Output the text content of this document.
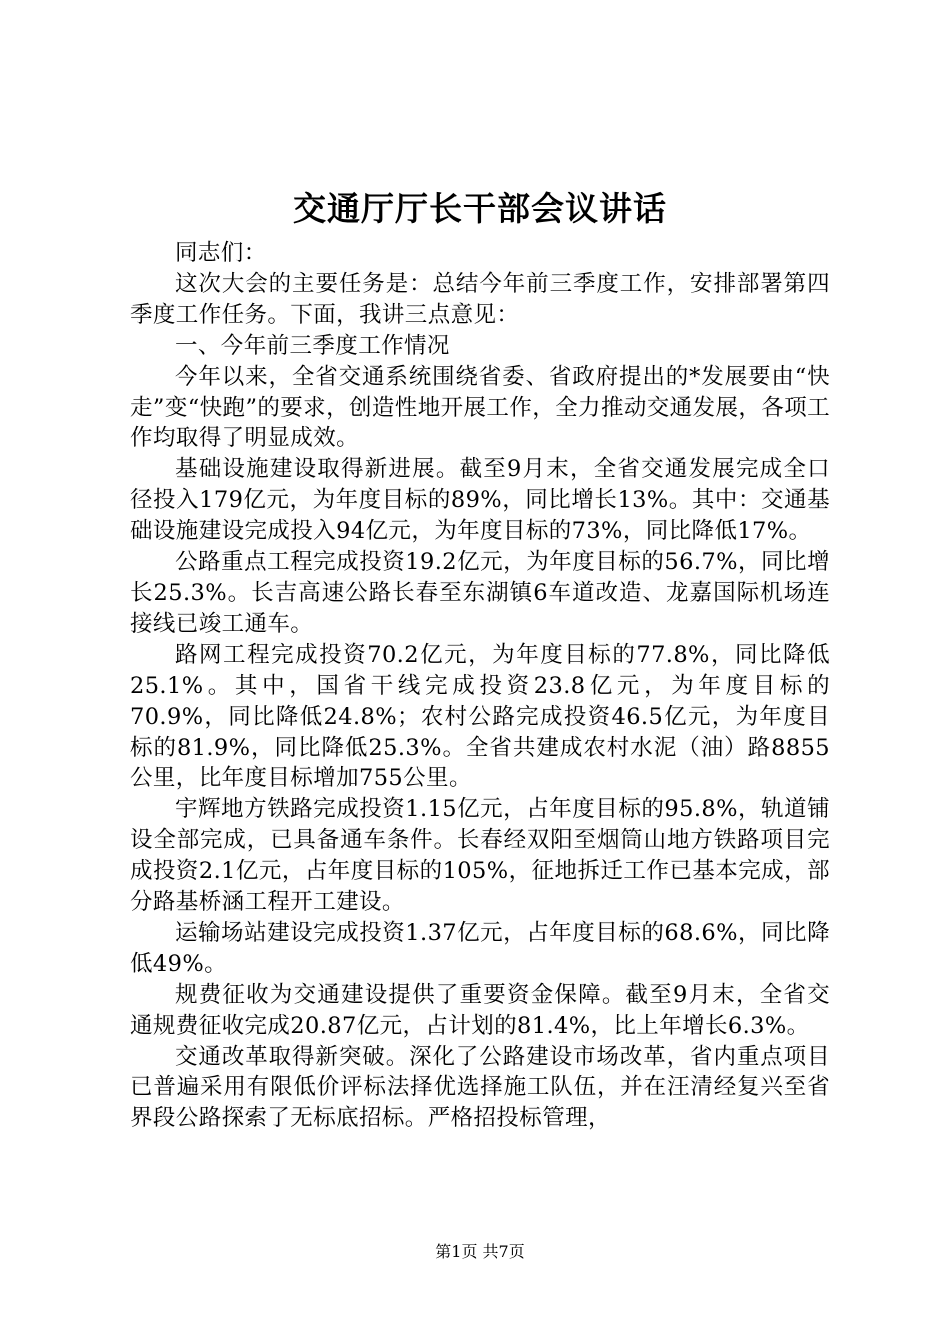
交通厅厅长干部会议讲话

同志们：

这次大会的主要任务是：总结今年前三季度工作，安排部署第四季度工作任务。下面，我讲三点意见：

一、今年前三季度工作情况

今年以来，全省交通系统围绕省委、省政府提出的*发展要由“快走”变“快跑”的要求，创造性地开展工作，全力推动交通发展，各项工作均取得了明显成效。

基础设施建设取得新进展。截至9月末，全省交通发展完成全口径投入179亿元，为年度目标的89%，同比增长13%。其中：交通基础设施建设完成投入94亿元，为年度目标的73%，同比降低17%。

公路重点工程完成投资19.2亿元，为年度目标的56.7%，同比增长25.3%。长吉高速公路长春至东湖镇6车道改造、龙嘉国际机场连接线已竣工通车。

路网工程完成投资70.2亿元，为年度目标的77.8%，同比降低25.1%。其中，国省干线完成投资23.8亿元，为年度目标的70.9%，同比降低24.8%；农村公路完成投资46.5亿元，为年度目标的81.9%，同比降低25.3%。全省共建成农村水泥（油）路8855公里，比年度目标增加755公里。

宇辉地方铁路完成投资1.15亿元，占年度目标的95.8%，轨道铺设全部完成，已具备通车条件。长春经双阳至烟筒山地方铁路项目完成投资2.1亿元，占年度目标的105%，征地拆迁工作已基本完成，部分路基桥涵工程开工建设。

运输场站建设完成投资1.37亿元，占年度目标的68.6%，同比降低49%。

规费征收为交通建设提供了重要资金保障。截至9月末，全省交通规费征收完成20.87亿元，占计划的81.4%，比上年增长6.3%。

交通改革取得新突破。深化了公路建设市场改革，省内重点项目已普遍采用有限低价评标法择优选择施工队伍，并在汪清经复兴至省界段公路探索了无标底招标。严格招投标管理，

第1页 共7页
